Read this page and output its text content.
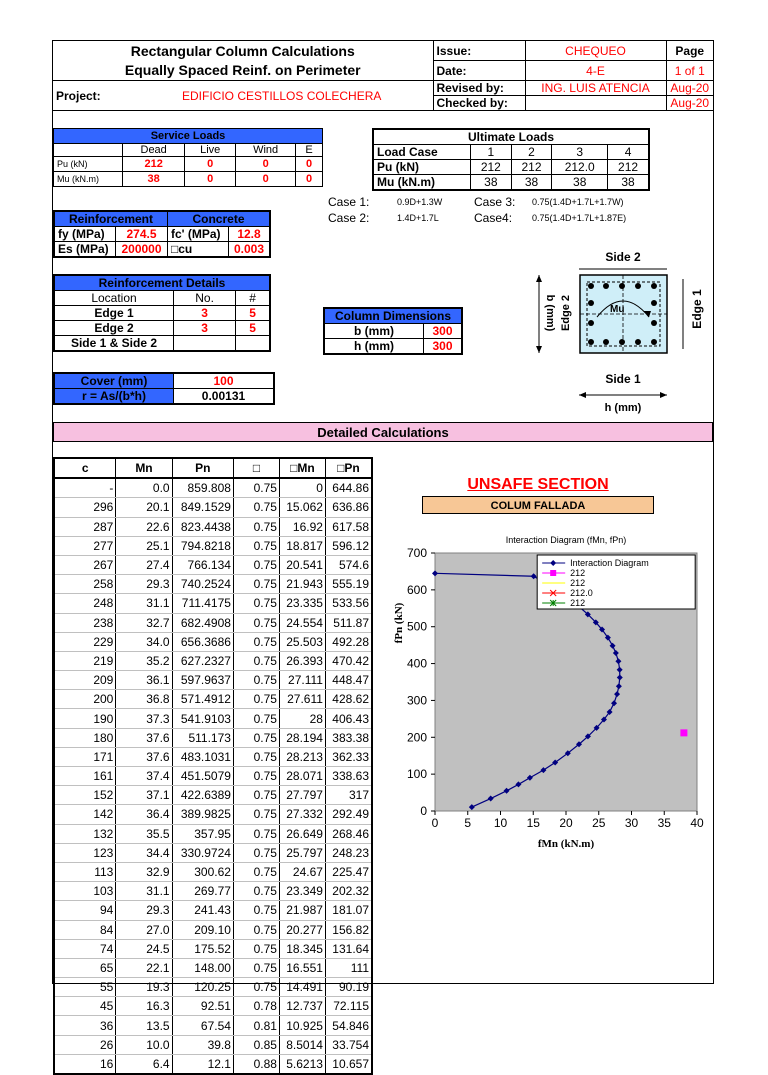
Rectangular Column Calculations
Equally Spaced Reinf. on Perimeter		Issue:	CHEQUEO	Page
		Date:	4-E	1 of 1
Project:	EDIFICIO CESTILLOS COLECHERA	Revised by:	ING. LUIS ATENCIA	Aug-20
		Checked by:		Aug-20
Service Loads				
	Dead	Live	Wind	E
Pu (kN)	212	0	0	0
Mu (kN.m)	38	0	0	0
Ultimate Loads				
Load Case	1	2	3	4
Pu (kN)	212	212	212.0	212
Mu (kN.m)	38	38	38	38
Case 1:	0.9D+1.3W
Case 2:	1.4D+1.7L
Case 3: 0.75(1.4D+1.7L+1.7W)
Case4: 0.75(1.4D+1.7L+1.87E)
Reinforcement		Concrete	
fy (MPa)	274.5	fc' (MPa)	12.8
Es (MPa)	200000	□cu	0.003
Reinforcement Details		
Location	No.	#
Edge 1	3	5
Edge 2	3	5
Side 1 & Side 2		
Column Dimensions	
b (mm)	300
h (mm)	300
Cover (mm)	100
r = As/(b*h)	0.00131
Side 2
Mu
b (mm) Edge 2	Edge 1
Side 1
h (mm)
Detailed Calculations
c	Mn	Pn	□	□Mn	□Pn
-	0.0	859.808	0.75	0	644.86
296	20.1	849.1529	0.75	15.062	636.86
287	22.6	823.4438	0.75	16.92	617.58
277	25.1	794.8218	0.75	18.817	596.12
267	27.4	766.134	0.75	20.541	574.6
258	29.3	740.2524	0.75	21.943	555.19
248	31.1	711.4175	0.75	23.335	533.56
238	32.7	682.4908	0.75	24.554	511.87
229	34.0	656.3686	0.75	25.503	492.28
219	35.2	627.2327	0.75	26.393	470.42
209	36.1	597.9637	0.75	27.111	448.47
200	36.8	571.4912	0.75	27.611	428.62
190	37.3	541.9103	0.75	28	406.43
180	37.6	511.173	0.75	28.194	383.38
171	37.6	483.1031	0.75	28.213	362.33
161	37.4	451.5079	0.75	28.071	338.63
152	37.1	422.6389	0.75	27.797	317
142	36.4	389.9825	0.75	27.332	292.49
132	35.5	357.95	0.75	26.649	268.46
123	34.4	330.9724	0.75	25.797	248.23
113	32.9	300.62	0.75	24.67	225.47
103	31.1	269.77	0.75	23.349	202.32
94	29.3	241.43	0.75	21.987	181.07
84	27.0	209.10	0.75	20.277	156.82
74	24.5	175.52	0.75	18.345	131.64
65	22.1	148.00	0.75	16.551	111
55	19.3	120.25	0.75	14.491	90.19
45	16.3	92.51	0.78	12.737	72.115
36	13.5	67.54	0.81	10.925	54.846
26	10.0	39.8	0.85	8.5014	33.754
16	6.4	12.1	0.88	5.6213	10.657
UNSAFE SECTION
COLUM FALLADA
Interaction Diagram (fMn, fPn)
0 5 10 15 20 25 30 35 40
0
100
200
300
400
500
600
700
fMn (kN.m)
fPn (kN)
Interaction Diagram
212
212
212.0
212
